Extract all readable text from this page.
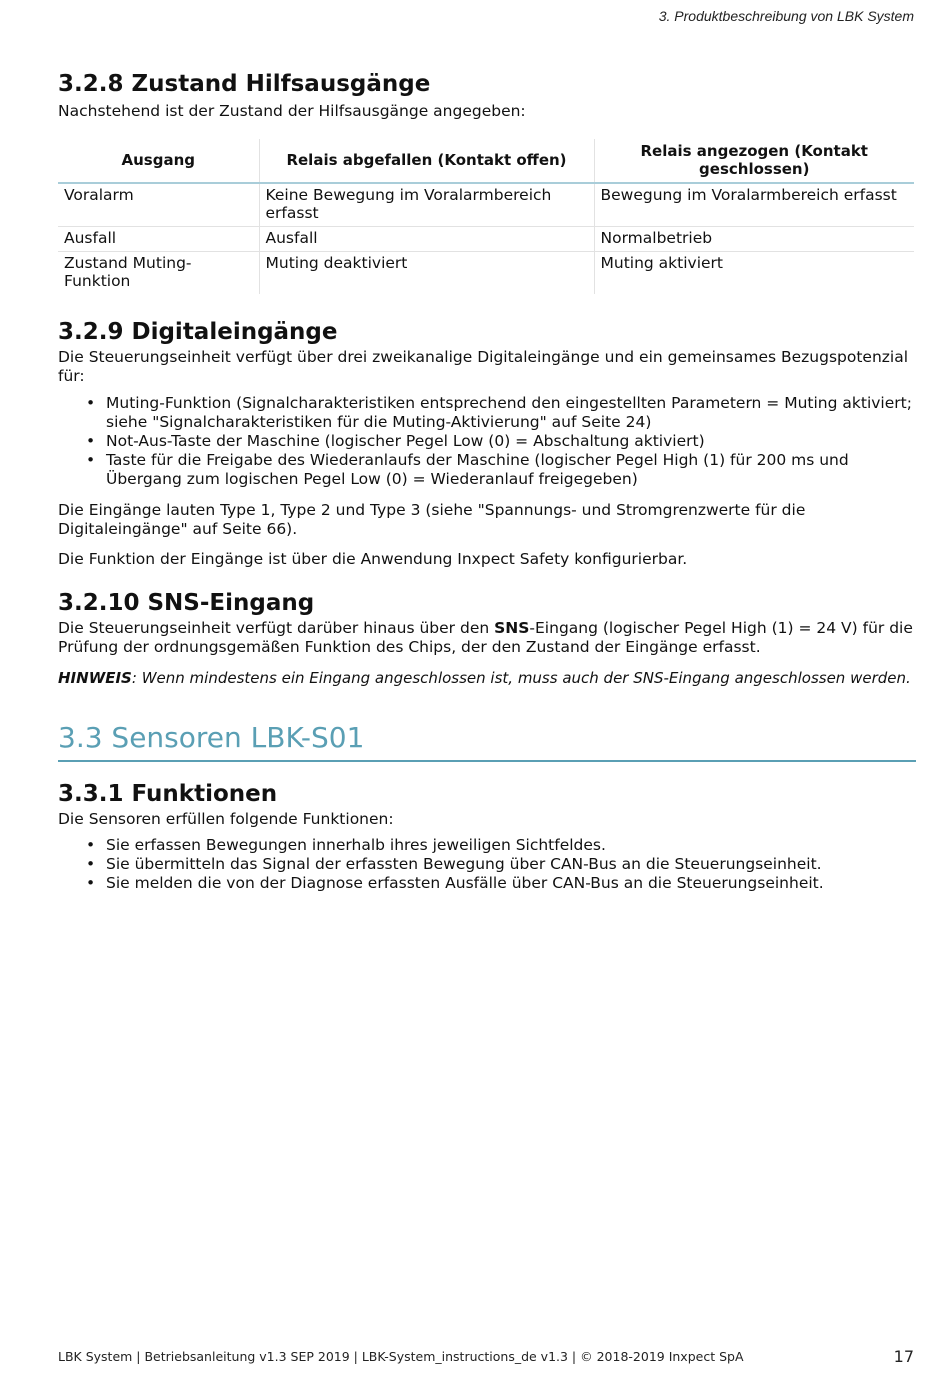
3. Produktbeschreibung von LBK System
3.2.8 Zustand Hilfsausgänge

Nachstehend ist der Zustand der Hilfsausgänge angegeben:

Ausgang	Relais abgefallen (Kontakt offen)	Relais angezogen (Kontakt geschlossen)
Voralarm	Keine Bewegung im Voralarmbereich erfasst	Bewegung im Voralarmbereich erfasst
Ausfall	Ausfall	Normalbetrieb
Zustand Muting-Funktion	Muting deaktiviert	Muting aktiviert
3.2.9 Digitaleingänge

Die Steuerungseinheit verfügt über drei zweikanalige Digitaleingänge und ein gemeinsames Bezugspotenzial für:

• Muting-Funktion (Signalcharakteristiken entsprechend den eingestellten Parametern = Muting aktiviert; siehe "Signalcharakteristiken für die Muting-Aktivierung" auf Seite 24)
• Not-Aus-Taste der Maschine (logischer Pegel Low (0) = Abschaltung aktiviert)
• Taste für die Freigabe des Wiederanlaufs der Maschine (logischer Pegel High (1) für 200 ms und Übergang zum logischen Pegel Low (0) = Wiederanlauf freigegeben)

Die Eingänge lauten Type 1, Type 2 und Type 3 (siehe "Spannungs- und Stromgrenzwerte für die Digitaleingänge" auf Seite 66).

Die Funktion der Eingänge ist über die Anwendung Inxpect Safety konfigurierbar.

3.2.10 SNS-Eingang

Die Steuerungseinheit verfügt darüber hinaus über den SNS-Eingang (logischer Pegel High (1) = 24 V) für die Prüfung der ordnungsgemäßen Funktion des Chips, der den Zustand der Eingänge erfasst.

HINWEIS: Wenn mindestens ein Eingang angeschlossen ist, muss auch der SNS-Eingang angeschlossen werden.

3.3 Sensoren LBK-S01
3.3.1 Funktionen

Die Sensoren erfüllen folgende Funktionen:

• Sie erfassen Bewegungen innerhalb ihres jeweiligen Sichtfeldes.
• Sie übermitteln das Signal der erfassten Bewegung über CAN-Bus an die Steuerungseinheit.
• Sie melden die von der Diagnose erfassten Ausfälle über CAN-Bus an die Steuerungseinheit.
LBK System | Betriebsanleitung v1.3 SEP 2019 | LBK-System_instructions_de v1.3 | © 2018-2019 Inxpect SpA	17
